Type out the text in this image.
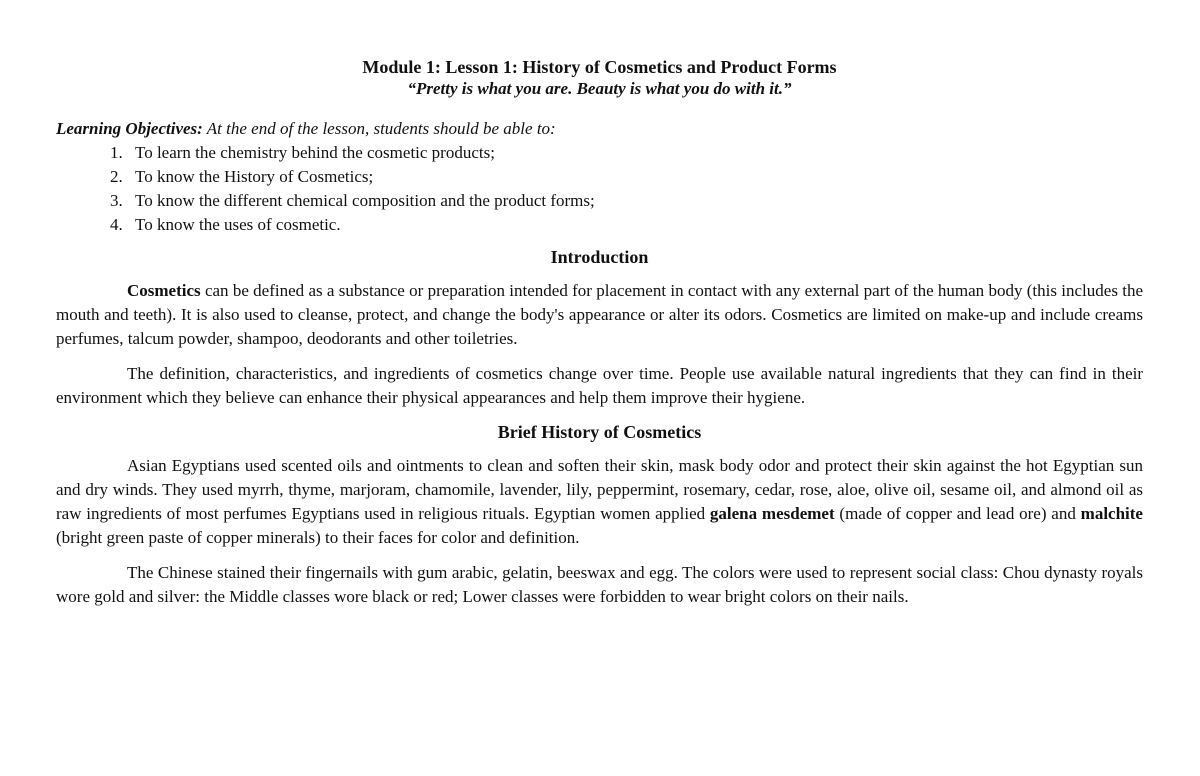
Module 1: Lesson 1: History of Cosmetics and Product Forms
“Pretty is what you are. Beauty is what you do with it.”
Learning Objectives: At the end of the lesson, students should be able to:
1. To learn the chemistry behind the cosmetic products;
2. To know the History of Cosmetics;
3. To know the different chemical composition and the product forms;
4. To know the uses of cosmetic.
Introduction

Cosmetics can be defined as a substance or preparation intended for placement in contact with any external part of the human body (this includes the mouth and teeth). It is also used to cleanse, protect, and change the body's appearance or alter its odors. Cosmetics are limited on make-up and include creams perfumes, talcum powder, shampoo, deodorants and other toiletries.

The definition, characteristics, and ingredients of cosmetics change over time. People use available natural ingredients that they can find in their environment which they believe can enhance their physical appearances and help them improve their hygiene.

Brief History of Cosmetics

Asian Egyptians used scented oils and ointments to clean and soften their skin, mask body odor and protect their skin against the hot Egyptian sun and dry winds. They used myrrh, thyme, marjoram, chamomile, lavender, lily, peppermint, rosemary, cedar, rose, aloe, olive oil, sesame oil, and almond oil as raw ingredients of most perfumes Egyptians used in religious rituals. Egyptian women applied galena mesdemet (made of copper and lead ore) and malchite (bright green paste of copper minerals) to their faces for color and definition.

The Chinese stained their fingernails with gum arabic, gelatin, beeswax and egg. The colors were used to represent social class: Chou dynasty royals wore gold and silver: the Middle classes wore black or red; Lower classes were forbidden to wear bright colors on their nails.
